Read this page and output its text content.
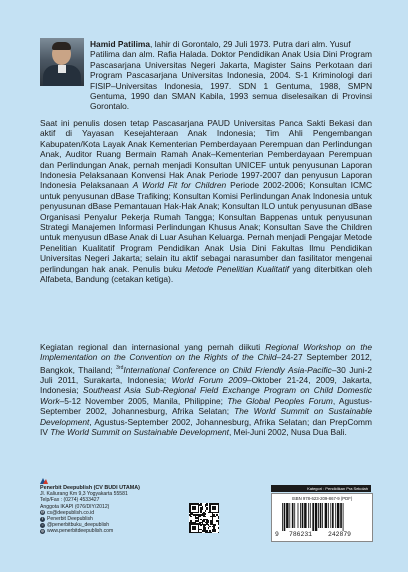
Hamid Patilima, lahir di Gorontalo, 29 Juli 1973. Putra dari alm. Yusuf
Patilima dan alm. Rafia Halada. Doktor Pendidikan Anak Usia Dini Program Pascasarjana Universitas Negeri Jakarta, Magister Sains Perkotaan dari Program Pascasarjana Universitas Indonesia, 2004. S-1 Kriminologi dari FISIP–Universitas Indonesia, 1997. SDN 1 Gentuma, 1988, SMPN Gentuma, 1990 dan SMAN Kabila, 1993 semua diselesaikan di Provinsi Gorontalo.
Saat ini penulis dosen tetap Pascasarjana PAUD Universitas Panca Sakti Bekasi dan aktif di Yayasan Kesejahteraan Anak Indonesia; Tim Ahli Pengembangan Kabupaten/Kota Layak Anak Kementerian Pemberdayaan Perempuan dan Perlindungan Anak, Auditor Ruang Bermain Ramah Anak–Kementerian Pemberdayaan Perempuan dan Perlindungan Anak, pernah menjadi Konsultan UNICEF untuk penyusunan Laporan Indonesia Pelaksanaan Konvensi Hak Anak Periode 1997-2007 dan penyusun Laporan Indonesia Pelaksanaan A World Fit for Children Periode 2002-2006; Konsultan ICMC untuk penyusunan dBase Trafiking; Konsultan Komisi Perlindungan Anak Indonesia untuk penyusunan dBase Pemantauan Hak-Hak Anak; Konsultan ILO untuk penyusunan dBase Organisasi Penyalur Pekerja Rumah Tangga; Konsultan Bappenas untuk penyusunan Strategi Manajemen Informasi Perlindungan Khusus Anak; Konsultan Save the Children untuk menyusun dBase Anak di Luar Asuhan Keluarga. Pernah menjadi Pengajar Metode Penelitian Kualitatif Program Pendidikan Anak Usia Dini Fakultas Ilmu Pendidikan Universitas Negeri Jakarta; selain itu aktif sebagai narasumber dan fasilitator mengenai perlindungan hak anak. Penulis buku Metode Penelitian Kualitatif yang diterbitkan oleh Alfabeta, Bandung (cetakan ketiga).
Kegiatan regional dan internasional yang pernah diikuti Regional Workshop on the Implementation on the Convention on the Rights of the Child–24-27 September 2012, Bangkok, Thailand; $^{3rd}$International Conference on Child Friendly Asia-Pacific–30 Juni-2 Juli 2011, Surakarta, Indonesia; World Forum 2009–Oktober 21-24, 2009, Jakarta, Indonesia; Southeast Asia Sub-Regional Field Exchange Program on Child Domestic Work–5-12 November 2005, Manila, Philippine; The Global Peoples Forum, Agustus-September 2002, Johannesburg, Afrika Selatan; The World Summit on Sustainable Development, Agustus-September 2002, Johannesburg, Afrika Selatan; dan PrepComm IV The World Summit on Sustainable Development, Mei-Juni 2002, Nusa Dua Bali.
Penerbit Deepublish (CV BUDI UTAMA)
Jl. Kaliurang Km 9,3 Yogyakarta 55581
Telp/Fax : (0274) 4533427
Anggota IKAPI (076/DIY/2012)
@ cs@deepublish.co.id
f Penerbit Deepublish
○ @penerbitbuku_deepublish
◍ www.penerbitdeepublish.com
Kategori : Pendidikan Pra Sekolah
ISBN 978-623-209-867-9 (PDF)
9 786231 242879
